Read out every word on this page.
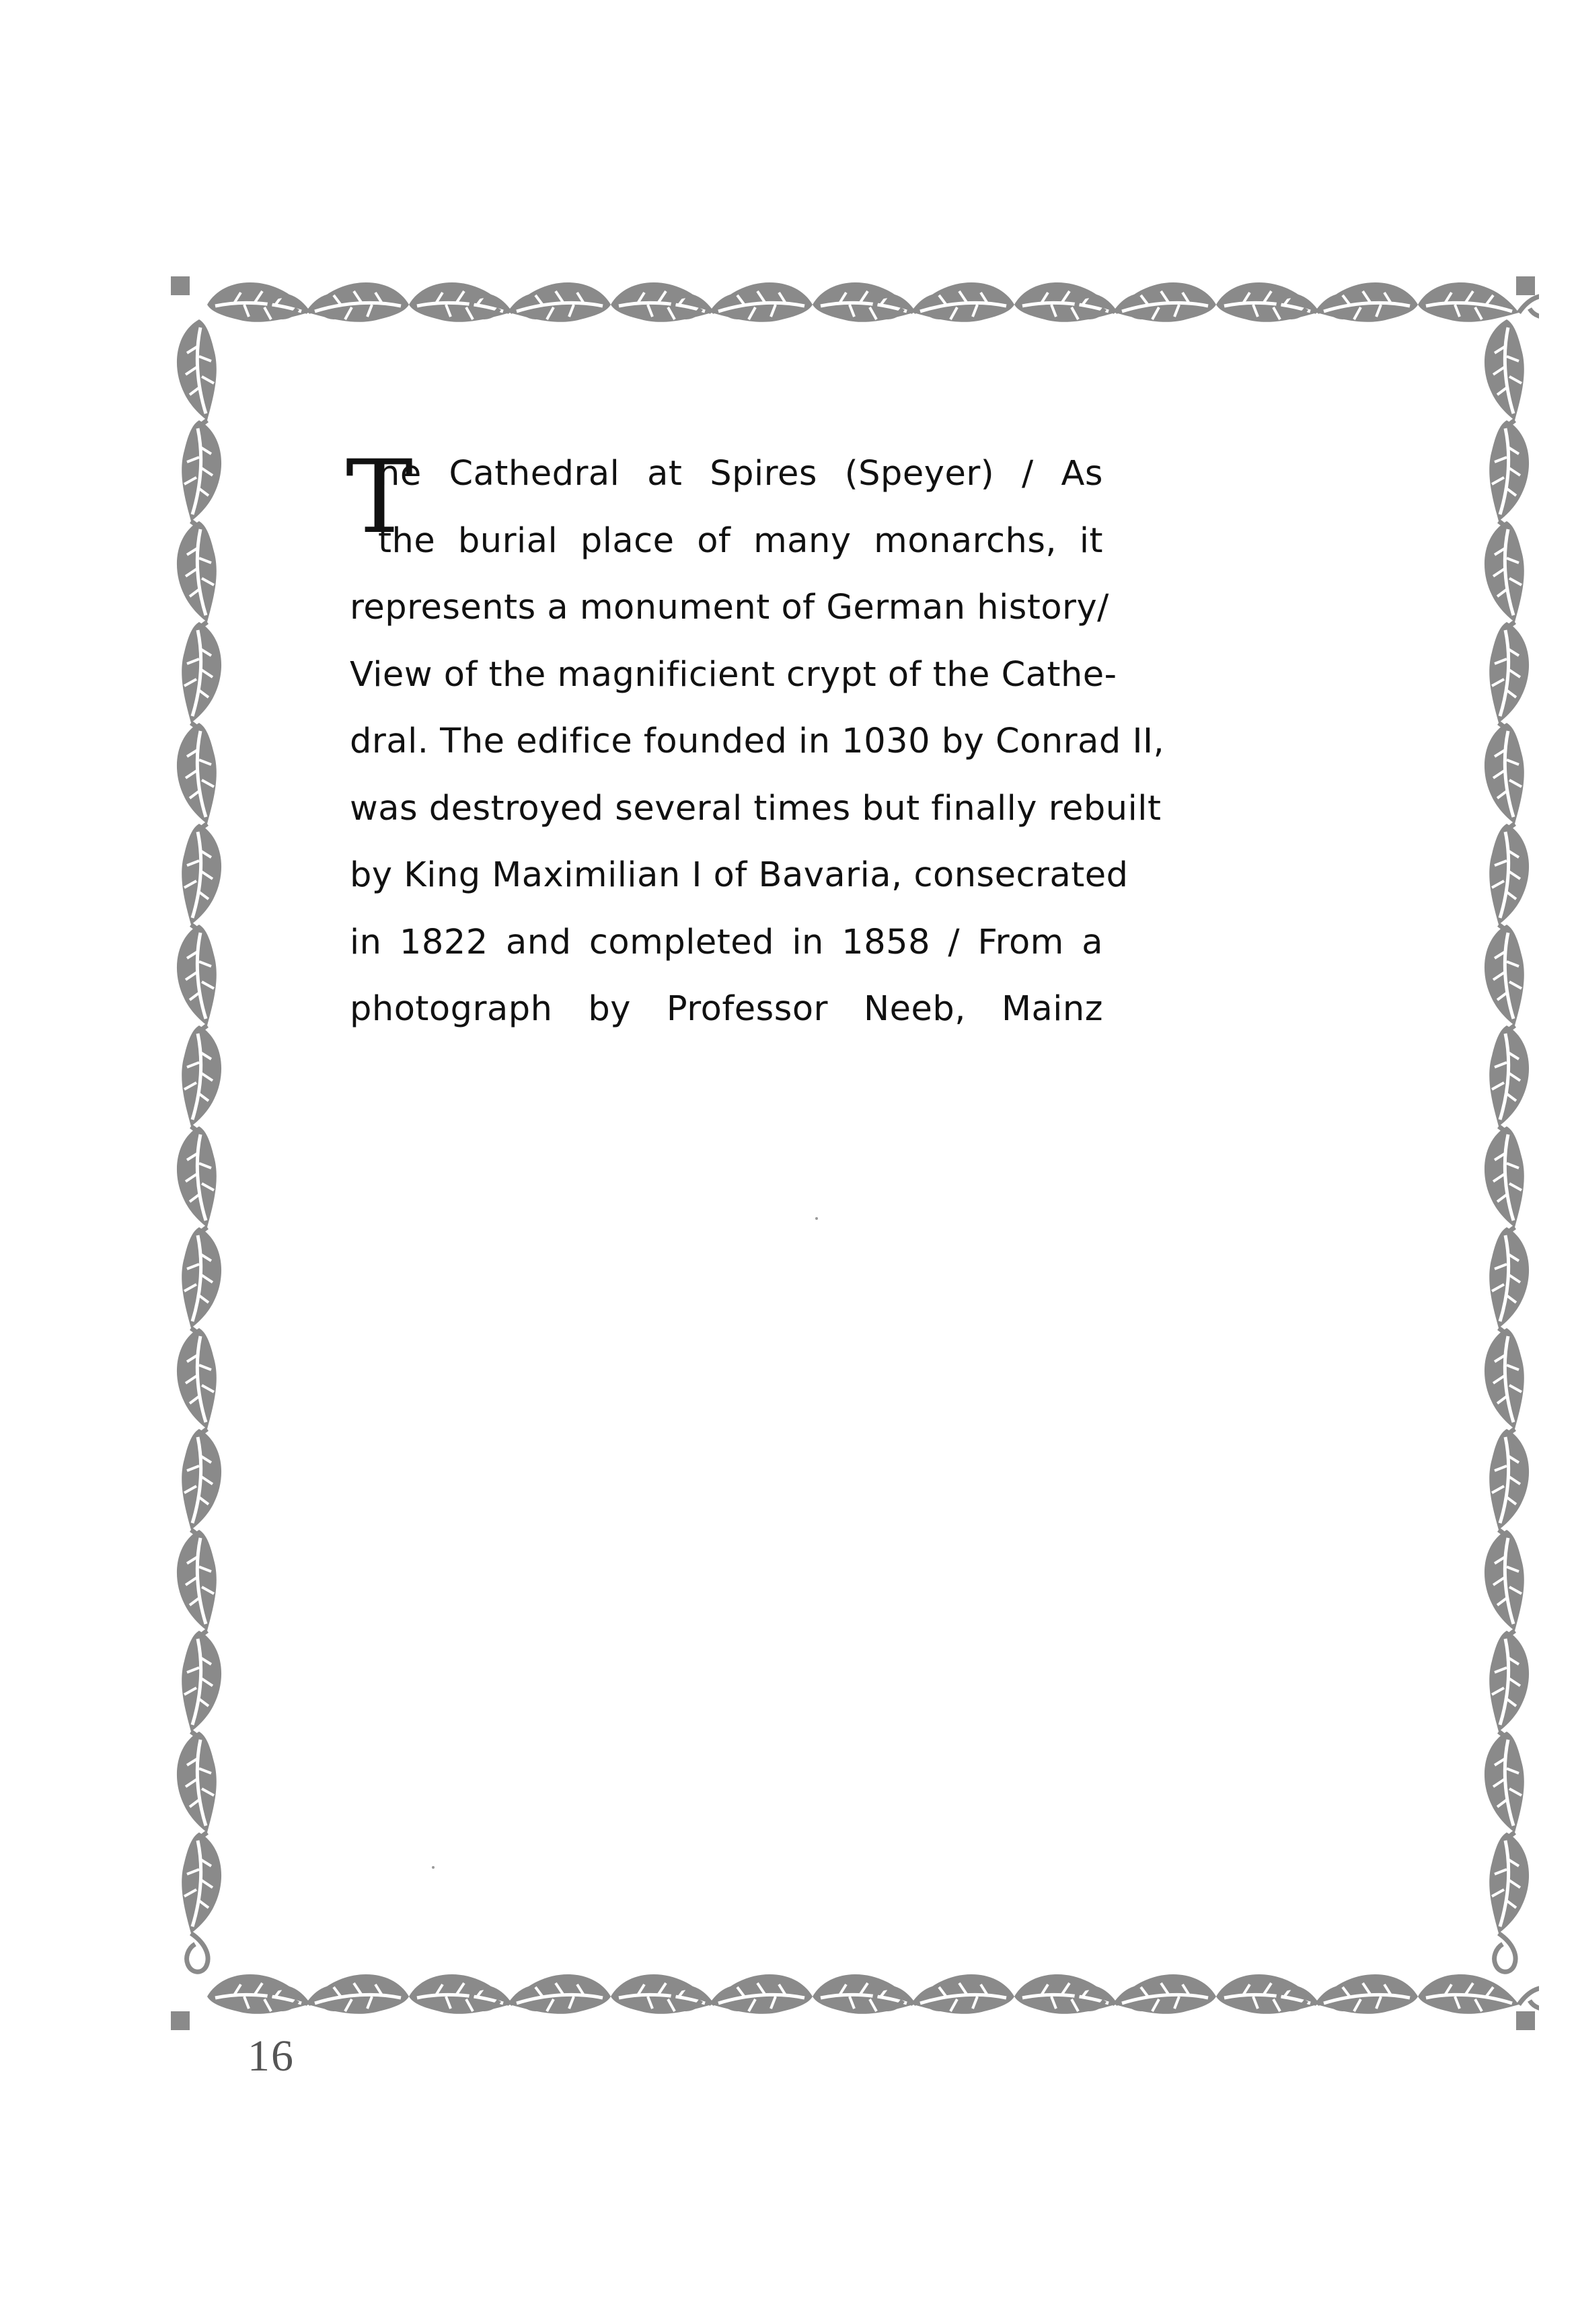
T
he Cathedral at Spires (Speyer) / As
the burial place of many monarchs, it
represents a monument of German history/
View of the magnificient crypt of the Cathe-
dral. The edifice founded in 1030 by Conrad II,
was destroyed several times but finally rebuilt
by King Maximilian I of Bavaria, consecrated
in 1822 and completed in 1858 / From a
photograph by Professor Neeb, Mainz
16
